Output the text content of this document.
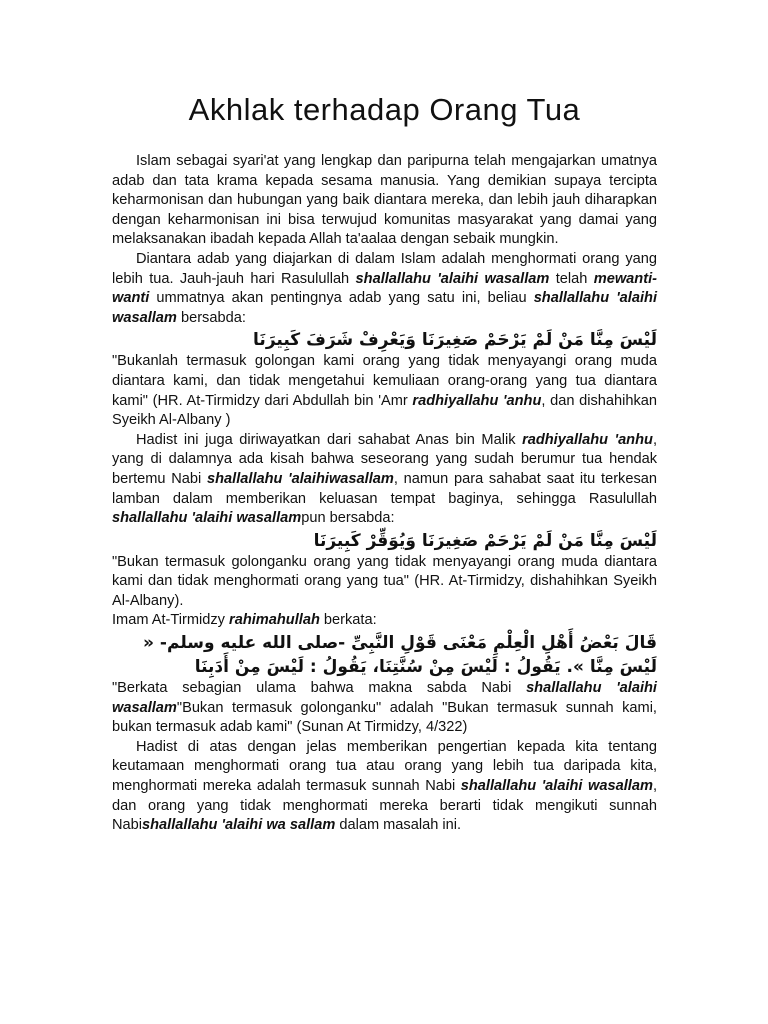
Akhlak terhadap Orang Tua

Islam sebagai syari'at yang lengkap dan paripurna telah mengajarkan umatnya adab dan tata krama kepada sesama manusia. Yang demikian supaya tercipta keharmonisan dan hubungan yang baik diantara mereka, dan lebih jauh diharapkan dengan keharmonisan ini bisa terwujud komunitas masyarakat yang damai yang melaksanakan ibadah kepada Allah ta'aalaa dengan sebaik mungkin.

Diantara adab yang diajarkan di dalam Islam adalah menghormati orang yang lebih tua. Jauh-jauh hari Rasulullah shallallahu 'alaihi wasallam telah mewanti-wanti ummatnya akan pentingnya adab yang satu ini, beliau shallallahu 'alaihi wasallam bersabda:

لَيْسَ مِنَّا مَنْ لَمْ يَرْحَمْ صَغِيرَنَا وَيَعْرِفْ شَرَفَ كَبِيرَنَا

"Bukanlah termasuk golongan kami orang yang tidak menyayangi orang muda diantara kami, dan tidak mengetahui kemuliaan orang-orang yang tua diantara kami" (HR. At-Tirmidzy dari Abdullah bin 'Amr radhiyallahu 'anhu, dan dishahihkan Syeikh Al-Albany )

Hadist ini juga diriwayatkan dari sahabat Anas bin Malik radhiyallahu 'anhu, yang di dalamnya ada kisah bahwa seseorang yang sudah berumur tua hendak bertemu Nabi shallallahu 'alaihiwasallam, namun para sahabat saat itu terkesan lamban dalam memberikan keluasan tempat baginya, sehingga Rasulullah shallallahu 'alaihi wasallampun bersabda:

لَيْسَ مِنَّا مَنْ لَمْ يَرْحَمْ صَغِيرَنَا وَيُوَقِّرْ كَبِيرَنَا

"Bukan termasuk golonganku orang yang tidak menyayangi orang muda diantara kami dan tidak menghormati orang yang tua" (HR. At-Tirmidzy, dishahihkan Syeikh Al-Albany).

Imam At-Tirmidzy rahimahullah berkata:

قَالَ بَعْضُ أَهْلِ الْعِلْمِ مَعْنَى قَوْلِ النَّبِىِّ -صلى الله عليه وسلم- « لَيْسَ مِنَّا ». يَقُولُ : لَيْسَ مِنْ سُنَّتِنَا، يَقُولُ : لَيْسَ مِنْ أَدَبِنَا

"Berkata sebagian ulama bahwa makna sabda Nabi shallallahu 'alaihi wasallam"Bukan termasuk golonganku" adalah "Bukan termasuk sunnah kami, bukan termasuk adab kami" (Sunan At Tirmidzy, 4/322)

Hadist di atas dengan jelas memberikan pengertian kepada kita tentang keutamaan menghormati orang tua atau orang yang lebih tua daripada kita, menghormati mereka adalah termasuk sunnah Nabi shallallahu 'alaihi wasallam, dan orang yang tidak menghormati mereka berarti tidak mengikuti sunnah Nabishallallahu 'alaihi wa sallam dalam masalah ini.
